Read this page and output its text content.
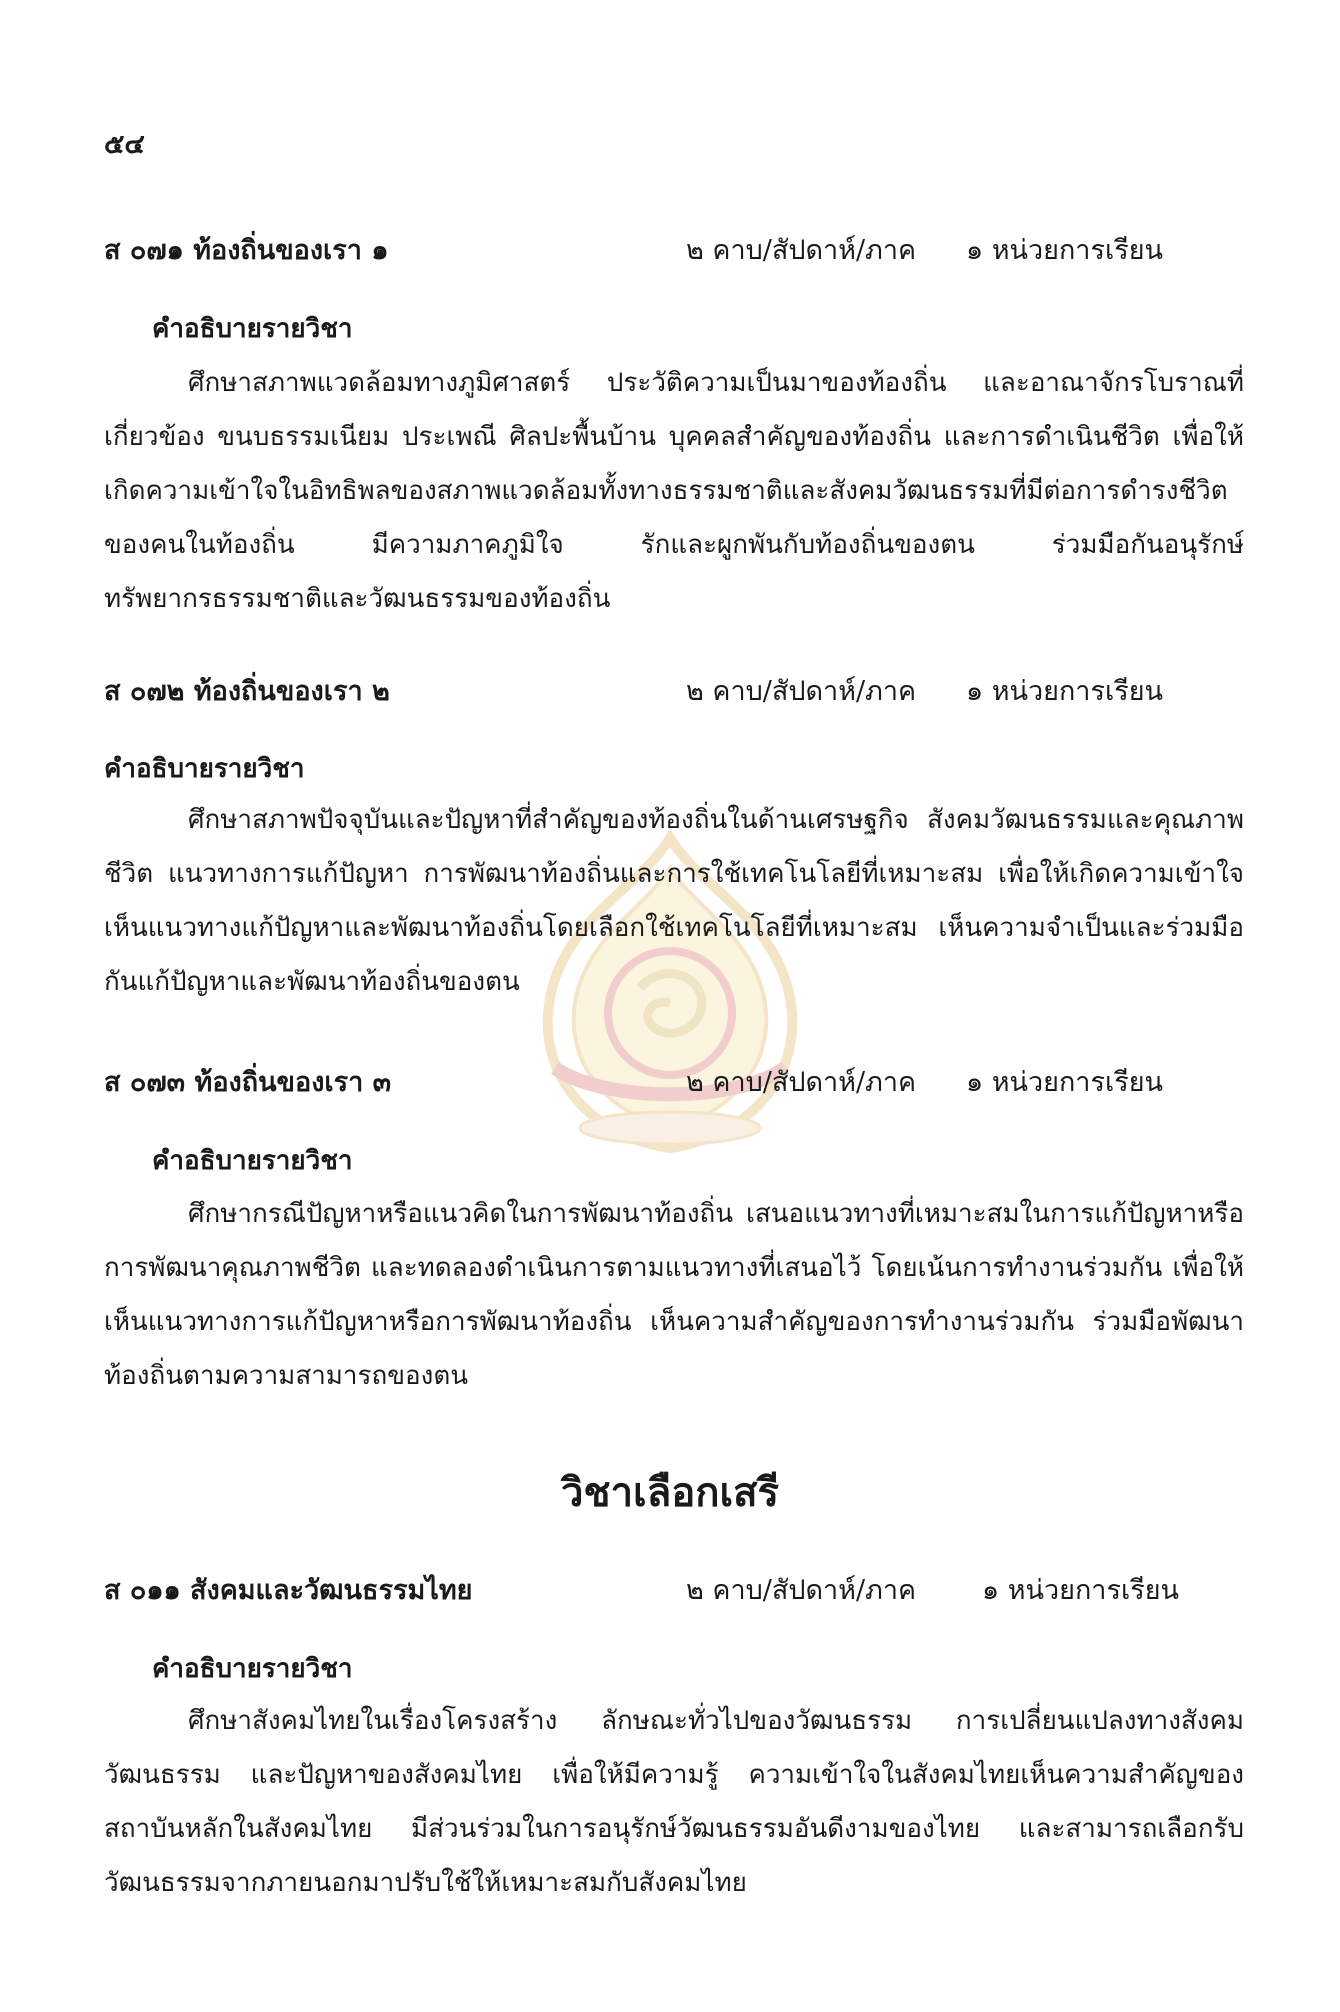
๕๔
ส ๐๗๑ ท้องถิ่นของเรา ๑	๒ คาบ/สัปดาห์/ภาค ๑ หน่วยการเรียน
คำอธิบายรายวิชา
ศึกษาสภาพแวดล้อมทางภูมิศาสตร์ ประวัติความเป็นมาของท้องถิ่น และอาณาจักรโบราณที่เกี่ยวข้อง ขนบธรรมเนียม ประเพณี ศิลปะพื้นบ้าน บุคคลสำคัญของท้องถิ่น และการดำเนินชีวิต เพื่อให้เกิดความเข้าใจในอิทธิพลของสภาพแวดล้อมทั้งทางธรรมชาติและสังคมวัฒนธรรมที่มีต่อการดำรงชีวิตของคนในท้องถิ่น มีความภาคภูมิใจ รักและผูกพันกับท้องถิ่นของตน ร่วมมือกันอนุรักษ์ทรัพยากรธรรมชาติและวัฒนธรรมของท้องถิ่น
ส ๐๗๒ ท้องถิ่นของเรา ๒	๒ คาบ/สัปดาห์/ภาค ๑ หน่วยการเรียน
คำอธิบายรายวิชา
ศึกษาสภาพปัจจุบันและปัญหาที่สำคัญของท้องถิ่นในด้านเศรษฐกิจ สังคมวัฒนธรรมและคุณภาพชีวิต แนวทางการแก้ปัญหา การพัฒนาท้องถิ่นและการใช้เทคโนโลยีที่เหมาะสม เพื่อให้เกิดความเข้าใจ เห็นแนวทางแก้ปัญหาและพัฒนาท้องถิ่นโดยเลือกใช้เทคโนโลยีที่เหมาะสม เห็นความจำเป็นและร่วมมือกันแก้ปัญหาและพัฒนาท้องถิ่นของตน
ส ๐๗๓ ท้องถิ่นของเรา ๓	๒ คาบ/สัปดาห์/ภาค ๑ หน่วยการเรียน
คำอธิบายรายวิชา
ศึกษากรณีปัญหาหรือแนวคิดในการพัฒนาท้องถิ่น เสนอแนวทางที่เหมาะสมในการแก้ปัญหาหรือการพัฒนาคุณภาพชีวิต และทดลองดำเนินการตามแนวทางที่เสนอไว้ โดยเน้นการทำงานร่วมกัน เพื่อให้เห็นแนวทางการแก้ปัญหาหรือการพัฒนาท้องถิ่น เห็นความสำคัญของการทำงานร่วมกัน ร่วมมือพัฒนาท้องถิ่นตามความสามารถของตน
วิชาเลือกเสรี
ส ๐๑๑ สังคมและวัฒนธรรมไทย	๒ คาบ/สัปดาห์/ภาค ๑ หน่วยการเรียน
คำอธิบายรายวิชา
ศึกษาสังคมไทยในเรื่องโครงสร้าง ลักษณะทั่วไปของวัฒนธรรม การเปลี่ยนแปลงทางสังคม วัฒนธรรม และปัญหาของสังคมไทย เพื่อให้มีความรู้ ความเข้าใจในสังคมไทยเห็นความสำคัญของสถาบันหลักในสังคมไทย มีส่วนร่วมในการอนุรักษ์วัฒนธรรมอันดีงามของไทย และสามารถเลือกรับวัฒนธรรมจากภายนอกมาปรับใช้ให้เหมาะสมกับสังคมไทย
